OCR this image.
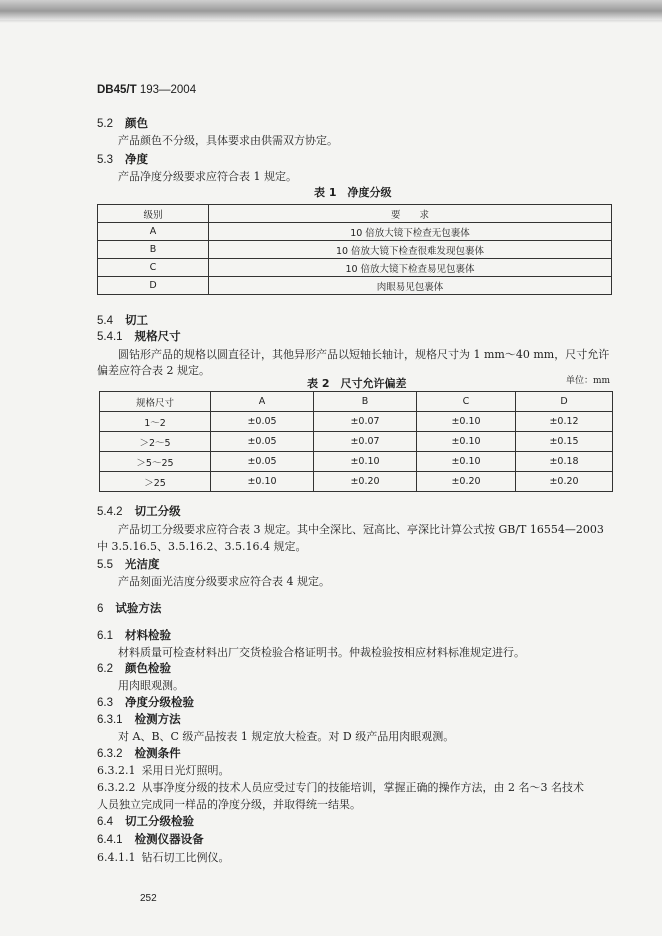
DB45/T 193—2004
5.2 颜色
产品颜色不分级，具体要求由供需双方协定。
5.3 净度
产品净度分级要求应符合表 1 规定。
表 1　净度分级
级别	要　　求
A	10 倍放大镜下检查无包裹体
B	10 倍放大镜下检查很难发现包裹体
C	10 倍放大镜下检查易见包裹体
D	肉眼易见包裹体
5.4 切工
5.4.1 规格尺寸
圆钻形产品的规格以圆直径计，其他异形产品以短轴长轴计，规格尺寸为 1 mm～40 mm，尺寸允许
偏差应符合表 2 规定。
表 2　尺寸允许偏差	单位：mm
规格尺寸	A	B	C	D
1～2	±0.05	±0.07	±0.10	±0.12
＞2～5	±0.05	±0.07	±0.10	±0.15
＞5～25	±0.05	±0.10	±0.10	±0.18
＞25	±0.10	±0.20	±0.20	±0.20
5.4.2 切工分级
产品切工分级要求应符合表 3 规定。其中全深比、冠高比、亭深比计算公式按 GB/T 16554—2003
中 3.5.16.5、3.5.16.2、3.5.16.4 规定。
5.5 光洁度
产品刻面光洁度分级要求应符合表 4 规定。
6 试验方法
6.1 材料检验
材料质量可检查材料出厂交货检验合格证明书。仲裁检验按相应材料标准规定进行。
6.2 颜色检验
用肉眼观测。
6.3 净度分级检验
6.3.1 检测方法
对 A、B、C 级产品按表 1 规定放大检查。对 D 级产品用肉眼观测。
6.3.2 检测条件
6.3.2.1 采用日光灯照明。
6.3.2.2 从事净度分级的技术人员应受过专门的技能培训，掌握正确的操作方法，由 2 名～3 名技术
人员独立完成同一样品的净度分级，并取得统一结果。
6.4 切工分级检验
6.4.1 检测仪器设备
6.4.1.1 钻石切工比例仪。
252
